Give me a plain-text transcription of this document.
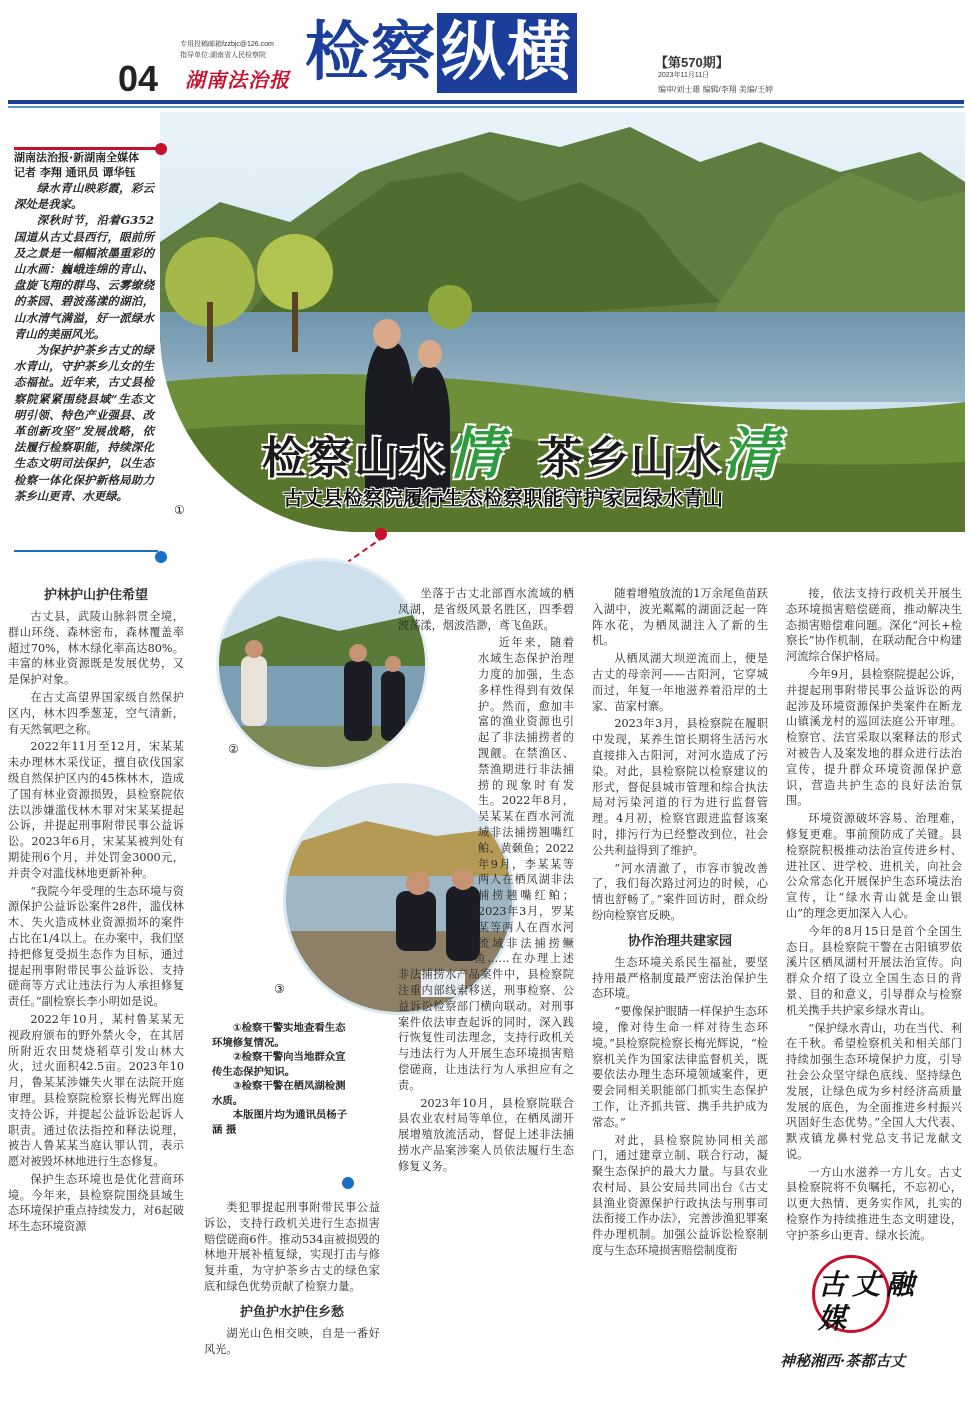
04
专用投稿邮箱fzzbjc@126.com
指导单位:湖南省人民检察院
湖南法治报 检察纵横	【第570期】
2023年11月11日
编审/刘士雄 编辑/李翔 美编/王婷
检察山水情 茶乡山水清
古丈县检察院履行生态检察职能守护家园绿水青山
①
湖南法治报·新湖南全媒体
记者 李翔 通讯员 谭华钰

绿水青山映彩霞，彩云深处是我家。

深秋时节，沿着G352国道从古丈县西行，眼前所及之景是一幅幅浓墨重彩的山水画：巍峨连绵的青山、盘旋飞翔的群鸟、云雾缭绕的茶园、碧波荡漾的湖泊，山水清气满溢，好一派绿水青山的美丽风光。

为保护护茶乡古丈的绿水青山，守护茶乡儿女的生态福祉。近年来，古丈县检察院紧紧围绕县域“生态文明引领、特色产业强县、改革创新攻坚”发展战略，依法履行检察职能，持续深化生态文明司法保护，以生态检察一体化保护新格局助力茶乡山更青、水更绿。

护林护山护住希望

古丈县，武陵山脉斜贯全境，群山环绕、森林密布，森林覆盖率超过70%，林木绿化率高达80%。丰富的林业资源既是发展优势，又是保护对象。

在古丈高望界国家级自然保护区内，林木四季葱茏，空气清新，有天然氧吧之称。

2022年11月至12月，宋某某未办理林木采伐证，擅自砍伐国家级自然保护区内的45株林木，造成了国有林业资源损毁，县检察院依法以涉嫌滥伐林木罪对宋某某提起公诉，并提起刑事附带民事公益诉讼。2023年6月，宋某某被判处有期徒刑6个月，并处罚金3000元，并责令对滥伐林地更新补种。

“我院今年受理的生态环境与资源保护公益诉讼案件28件，滥伐林木、失火造成林业资源损坏的案件占比在1/4以上。在办案中，我们坚持把修复受损生态作为目标，通过提起刑事附带民事公益诉讼、支持磋商等方式让违法行为人承担修复责任。”副检察长李小明如是说。

2022年10月，某村鲁某某无视政府颁布的野外禁火令，在其居所附近农田焚烧稻草引发山林大火，过火面积42.5亩。2023年10月，鲁某某涉嫌失火罪在法院开庭审理。县检察院检察长梅光辉出庭支持公诉，并提起公益诉讼起诉人职责。通过依法指控和释法说理，被告人鲁某某当庭认罪认罚，表示愿对被毁坏林地进行生态修复。

保护生态环境也是优化营商环境。今年来，县检察院围绕县域生态环境保护重点持续发力，对6起破坏生态环境资源

②
③

①检察干警实地查看生态环境修复情况。

②检察干警向当地群众宣传生态保护知识。

③检察干警在栖凤湖检测水质。

本版图片均为通讯员杨子涵 摄

类犯罪提起刑事附带民事公益诉讼，支持行政机关进行生态损害赔偿磋商6件。推动534亩被损毁的林地开展补植复绿，实现打击与修复并重，为守护茶乡古丈的绿色家底和绿色优势贡献了检察力量。

护鱼护水护住乡愁

湖光山色相交映，自是一番好风光。

坐落于古丈北部酉水流域的栖凤湖，是省级风景名胜区，四季碧波荡漾，烟波浩渺，鸢飞鱼跃。

近年来，随着水域生态保护治理力度的加强，生态多样性得到有效保护。然而，愈加丰富的渔业资源也引起了非法捕捞者的觊觎。在禁渔区、禁渔期进行非法捕捞的现象时有发生。2022年8月，吴某某在酉水河流域非法捕捞翘嘴红鲌、黄颡鱼；2022年9月，李某某等两人在栖凤湖非法捕捞翘嘴红鲌；2023年3月，罗某某等两人在酉水河流域非法捕捞鳜鱼……在办理上述非法捕捞水产品案件中，县检察院注重内部线索移送，刑事检察、公益诉讼检察部门横向联动。对刑事案件依法审查起诉的同时，深入践行恢复性司法理念，支持行政机关与违法行为人开展生态环境损害赔偿磋商，让违法行为人承担应有之责。

2023年10月，县检察院联合县农业农村局等单位，在栖凤湖开展增殖放流活动，督促上述非法捕捞水产品案涉案人员依法履行生态修复义务。

随着增殖放流的1万余尾鱼苗跃入湖中，波光粼粼的湖面泛起一阵阵水花，为栖凤湖注入了新的生机。

从栖凤湖大坝逆流而上，便是古丈的母亲河——古阳河，它穿城而过，年复一年地滋养着沿岸的土家、苗家村寨。

2023年3月，县检察院在履职中发现，某养生馆长期将生活污水直接排入古阳河，对河水造成了污染。对此，县检察院以检察建议的形式，督促县城市管理和综合执法局对污染河道的行为进行监督管理。4月初，检察官跟进监督该案时，排污行为已经整改到位，社会公共利益得到了维护。

“河水清澈了，市容市貌改善了，我们每次路过河边的时候，心情也舒畅了。”案件回访时，群众纷纷向检察官反映。

协作治理共建家园

生态环境关系民生福祉，要坚持用最严格制度最严密法治保护生态环境。

“要像保护眼睛一样保护生态环境，像对待生命一样对待生态环境。”县检察院检察长梅光辉说，“检察机关作为国家法律监督机关，既要依法办理生态环境领域案件，更要会同相关职能部门抓实生态保护工作，让齐抓共管、携手共护成为常态。”

对此，县检察院协同相关部门，通过建章立制、联合行动，凝聚生态保护的最大力量。与县农业农村局、县公安局共同出台《古丈县渔业资源保护行政执法与刑事司法衔接工作办法》，完善涉渔犯罪案件办理机制。加强公益诉讼检察制度与生态环境损害赔偿制度衔

接，依法支持行政机关开展生态环境损害赔偿磋商，推动解决生态损害赔偿难问题。深化“河长+检察长”协作机制，在联动配合中构建河流综合保护格局。

今年9月，县检察院提起公诉，并提起刑事附带民事公益诉讼的两起涉及环境资源保护类案件在断龙山镇溪龙村的巡回法庭公开审理。检察官、法官采取以案释法的形式对被告人及案发地的群众进行法治宣传，提升群众环境资源保护意识，营造共护生态的良好法治氛围。

环境资源破坏容易、治理难，修复更难。事前预防成了关键。县检察院积极推动法治宣传进乡村、进社区、进学校、进机关，向社会公众常态化开展保护生态环境法治宣传，让“绿水青山就是金山银山”的理念更加深入人心。

今年的8月15日是首个全国生态日。县检察院干警在古阳镇罗依溪片区栖凤湖村开展法治宣传。向群众介绍了设立全国生态日的背景、目的和意义，引导群众与检察机关携手共护家乡绿水青山。

“保护绿水青山，功在当代、利在千秋。希望检察机关和相关部门持续加强生态环境保护力度，引导社会公众坚守绿色底线、坚持绿色发展，让绿色成为乡村经济高质量发展的底色，为全面推进乡村振兴巩固好生态优势。”全国人大代表、默戎镇龙鼻村党总支书记龙献文说。

一方山水滋养一方儿女。古丈县检察院将不负嘱托，不忘初心，以更大热情、更务实作风，扎实的检察作为持续推进生态文明建设，守护茶乡山更青、绿水长流。

古丈融媒
神秘湘西·茶都古丈
